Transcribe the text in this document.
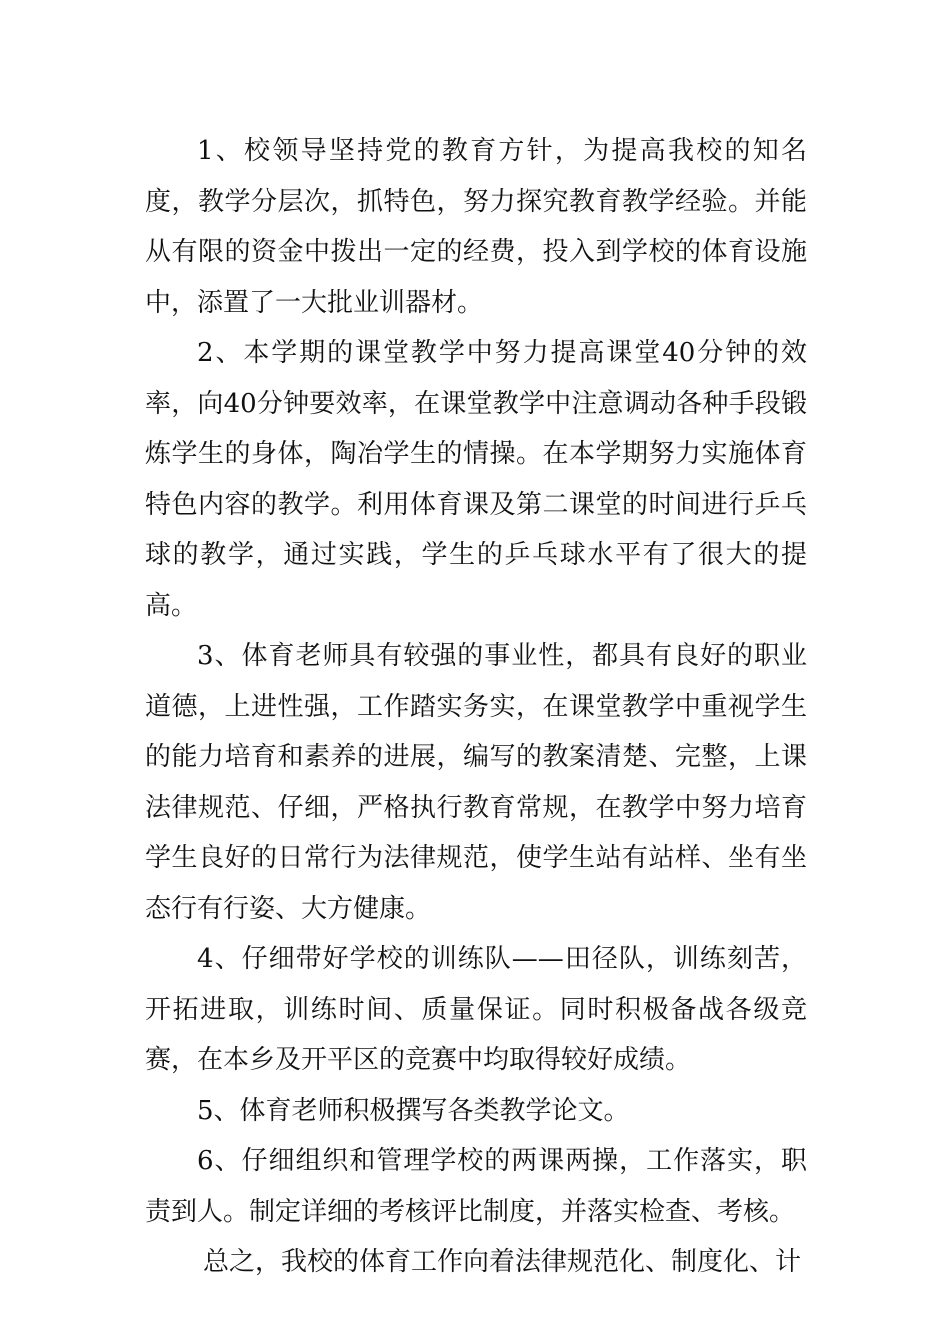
1、校领导坚持党的教育方针，为提高我校的知名度，教学分层次，抓特色，努力探究教育教学经验。并能从有限的资金中拨出一定的经费，投入到学校的体育设施中，添置了一大批业训器材。

2、本学期的课堂教学中努力提高课堂40分钟的效率，向40分钟要效率，在课堂教学中注意调动各种手段锻炼学生的身体，陶冶学生的情操。在本学期努力实施体育特色内容的教学。利用体育课及第二课堂的时间进行乒乓球的教学，通过实践，学生的乒乓球水平有了很大的提高。

3、体育老师具有较强的事业性，都具有良好的职业道德，上进性强，工作踏实务实，在课堂教学中重视学生的能力培育和素养的进展，编写的教案清楚、完整，上课法律规范、仔细，严格执行教育常规，在教学中努力培育学生良好的日常行为法律规范，使学生站有站样、坐有坐态行有行姿、大方健康。

4、仔细带好学校的训练队——田径队，训练刻苦，开拓进取，训练时间、质量保证。同时积极备战各级竞赛，在本乡及开平区的竞赛中均取得较好成绩。

5、体育老师积极撰写各类教学论文。

6、仔细组织和管理学校的两课两操，工作落实，职责到人。制定详细的考核评比制度，并落实检查、考核。

总之，我校的体育工作向着法律规范化、制度化、计
